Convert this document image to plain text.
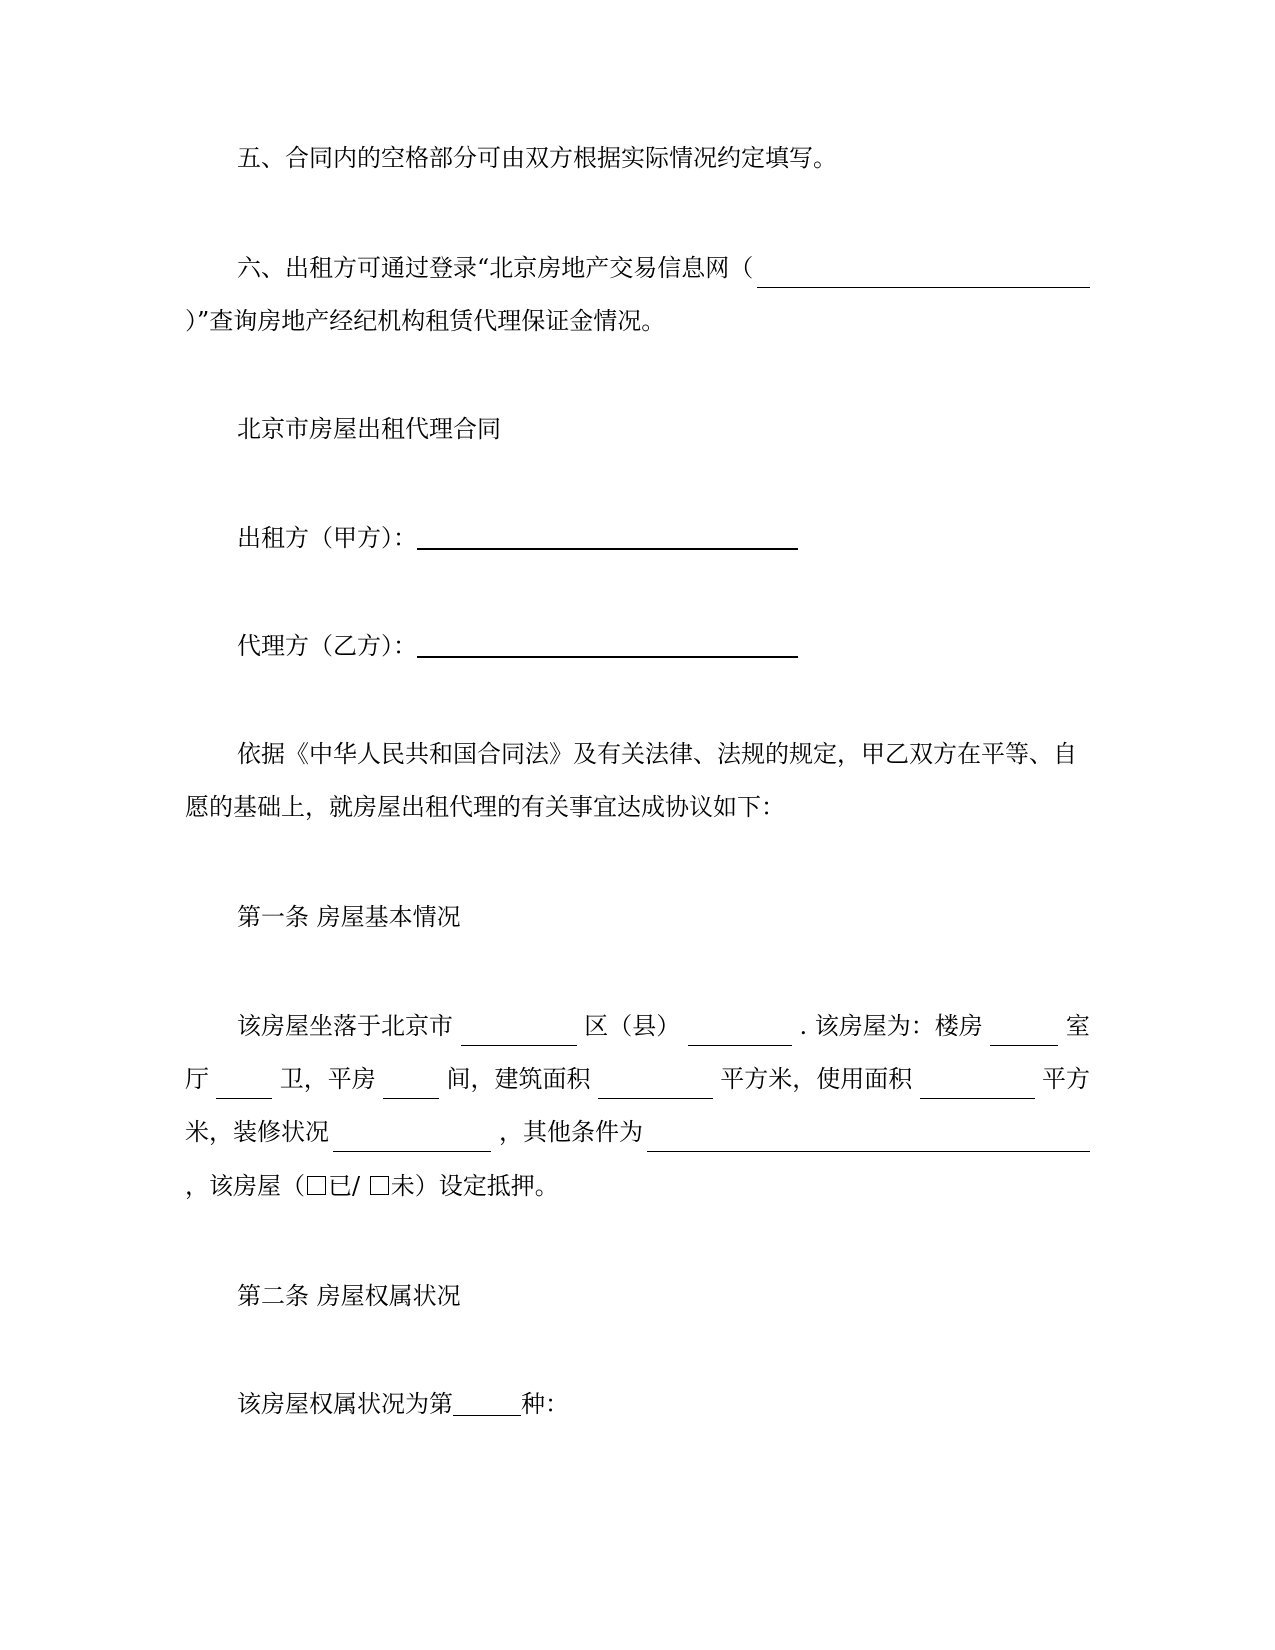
五、合同内的空格部分可由双方根据实际情况约定填写。
六、出租方可通过登录“北京房地产交易信息网（
）”查询房地产经纪机构租赁代理保证金情况。
北京市房屋出租代理合同
出租方（甲方）：
代理方（乙方）：
依据《中华人民共和国合同法》及有关法律、法规的规定，甲乙双方在平等、自
愿的基础上，就房屋出租代理的有关事宜达成协议如下：
第一条 房屋基本情况
该房屋坐落于北京市	区（县）	. 该房屋为：楼房	室
厅	卫，平房	间，建筑面积	平方米，使用面积	平方
米，装修状况	，其他条件为
，该房屋（ 已/ 未）设定抵押。
第二条 房屋权属状况
该房屋权属状况为第	种：
